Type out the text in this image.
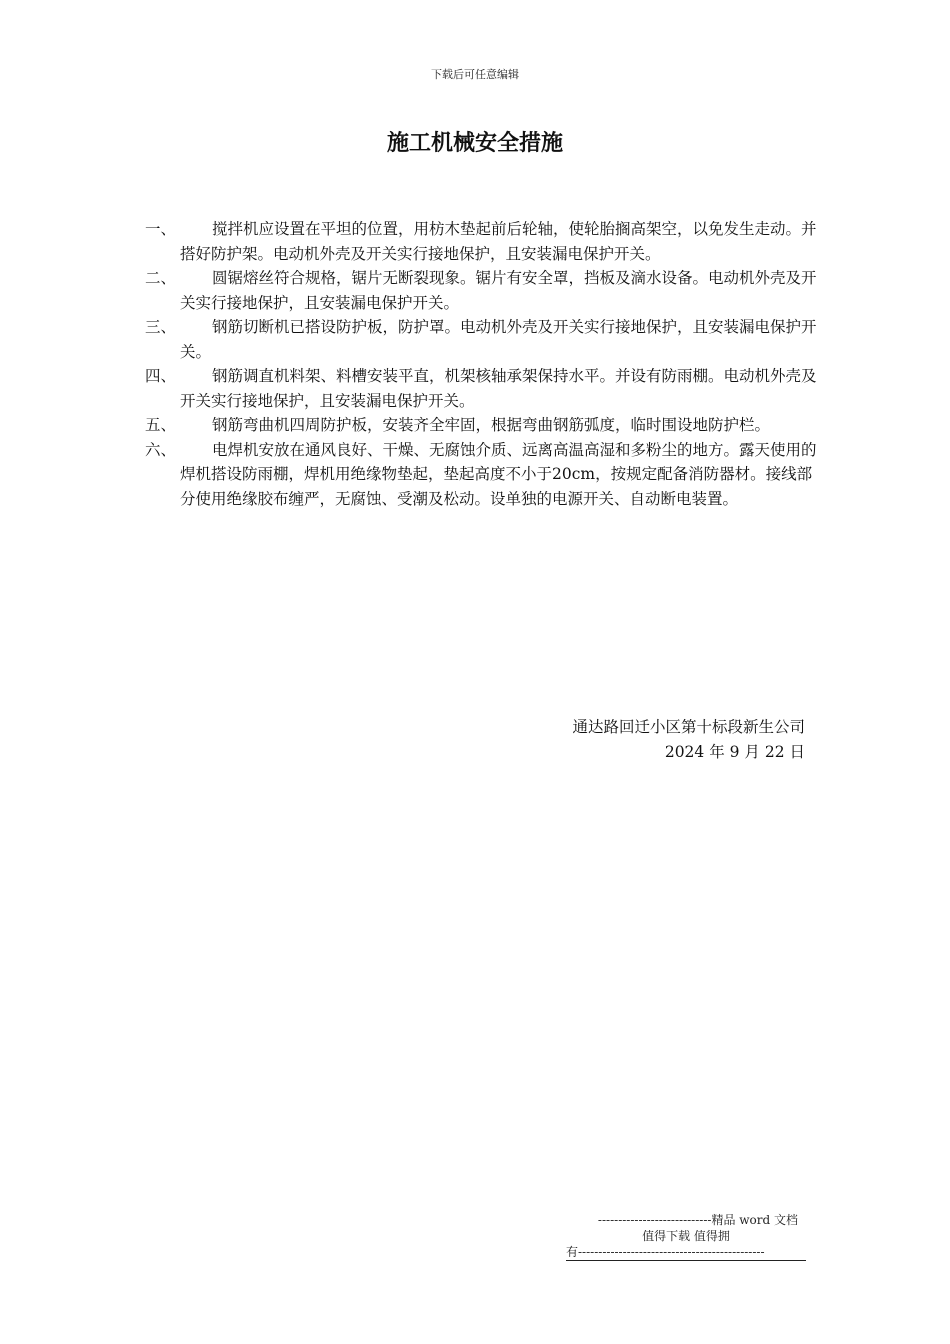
下载后可任意编辑
施工机械安全措施
一、	搅拌机应设置在平坦的位置，用枋木垫起前后轮轴，使轮胎搁高架空，以免发生走动。并搭好防护架。电动机外壳及开关实行接地保护，且安装漏电保护开关。
二、	圆锯熔丝符合规格，锯片无断裂现象。锯片有安全罩，挡板及滴水设备。电动机外壳及开关实行接地保护，且安装漏电保护开关。
三、	钢筋切断机已搭设防护板，防护罩。电动机外壳及开关实行接地保护，且安装漏电保护开关。
四、	钢筋调直机料架、料槽安装平直，机架核轴承架保持水平。并设有防雨棚。电动机外壳及开关实行接地保护，且安装漏电保护开关。
五、	钢筋弯曲机四周防护板，安装齐全牢固，根据弯曲钢筋弧度，临时围设地防护栏。
六、	电焊机安放在通风良好、干燥、无腐蚀介质、远离高温高湿和多粉尘的地方。露天使用的焊机搭设防雨棚，焊机用绝缘物垫起，垫起高度不小于20cm，按规定配备消防器材。接线部分使用绝缘胶布缠严，无腐蚀、受潮及松动。设单独的电源开关、自动断电装置。
通达路回迁小区第十标段新生公司
2024 年 9 月 22 日
----------------------------精品 word 文档
值得下载 值得拥
有----------------------------------------------
